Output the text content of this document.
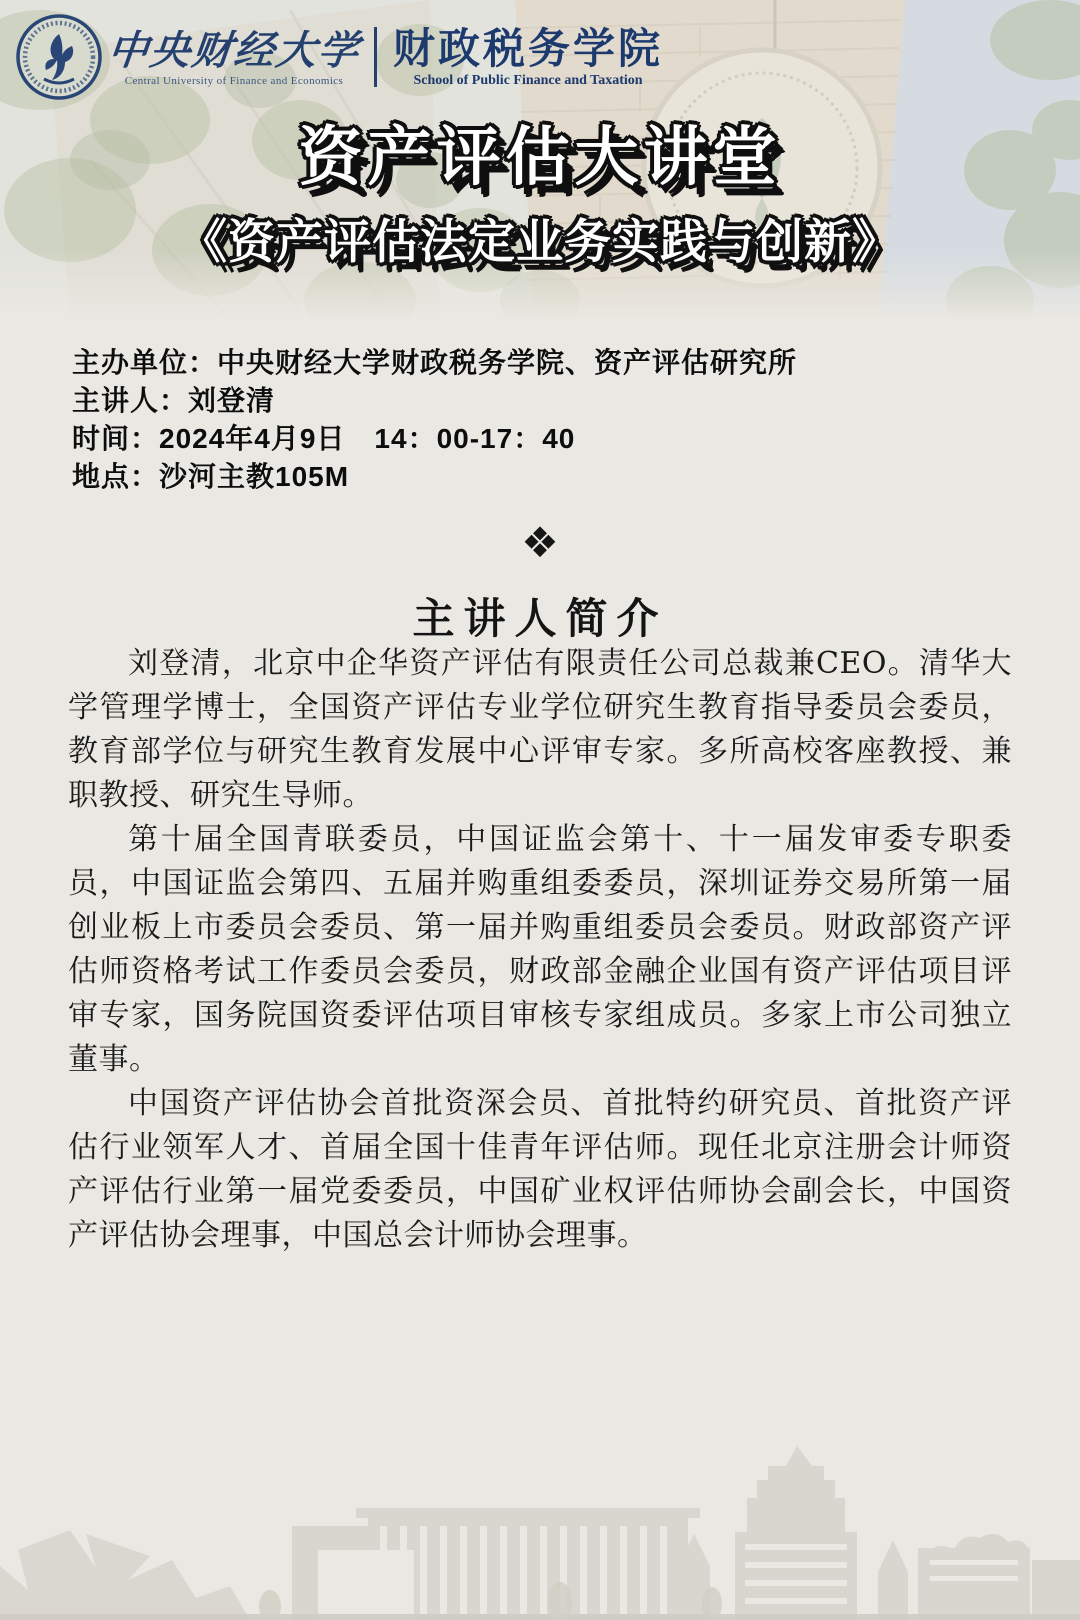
中央财经大学
Central University of Finance and Economics
财政税务学院
School of Public Finance and Taxation
资产评估大讲堂
《资产评估法定业务实践与创新》
主办单位：中央财经大学财政税务学院、资产评估研究所
主讲人：刘登清
时间：2024年4月9日　14：00-17：40
地点：沙河主教105M
❖
主讲人简介

刘登清，北京中企华资产评估有限责任公司总裁兼CEO。清华大学管理学博士，全国资产评估专业学位研究生教育指导委员会委员，教育部学位与研究生教育发展中心评审专家。多所高校客座教授、兼职教授、研究生导师。

第十届全国青联委员，中国证监会第十、十一届发审委专职委员，中国证监会第四、五届并购重组委委员，深圳证券交易所第一届创业板上市委员会委员、第一届并购重组委员会委员。财政部资产评估师资格考试工作委员会委员，财政部金融企业国有资产评估项目评审专家，国务院国资委评估项目审核专家组成员。多家上市公司独立董事。

中国资产评估协会首批资深会员、首批特约研究员、首批资产评估行业领军人才、首届全国十佳青年评估师。现任北京注册会计师资产评估行业第一届党委委员，中国矿业权评估师协会副会长，中国资产评估协会理事，中国总会计师协会理事。
